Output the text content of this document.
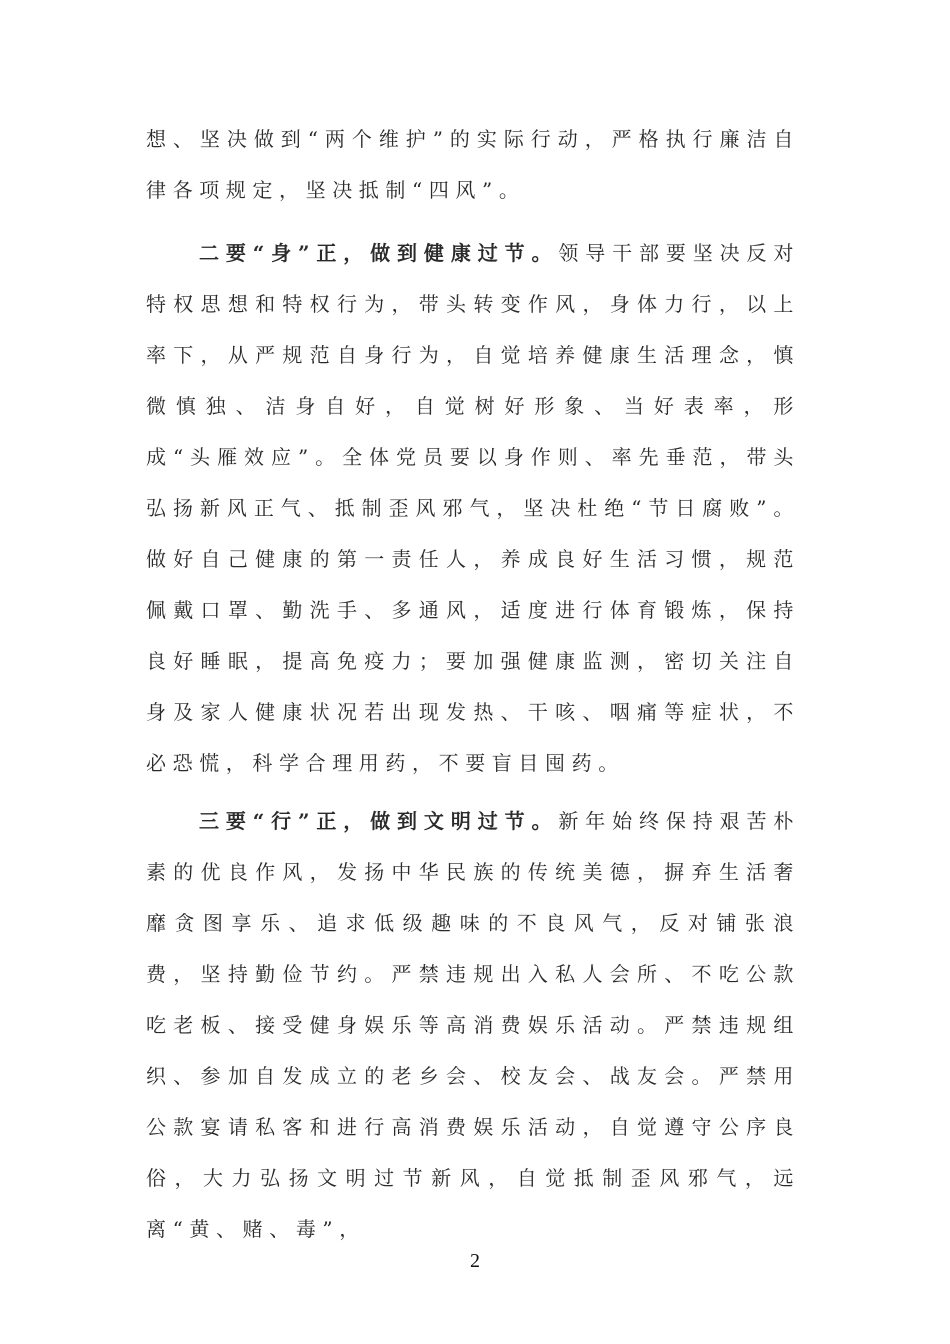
想、坚决做到“两个维护”的实际行动，严格执行廉洁自律各项规定，坚决抵制“四风”。

二要“身”正，做到健康过节。领导干部要坚决反对特权思想和特权行为，带头转变作风，身体力行，以上率下，从严规范自身行为，自觉培养健康生活理念，慎微慎独、洁身自好，自觉树好形象、当好表率，形成“头雁效应”。全体党员要以身作则、率先垂范，带头弘扬新风正气、抵制歪风邪气，坚决杜绝“节日腐败”。做好自己健康的第一责任人，养成良好生活习惯，规范佩戴口罩、勤洗手、多通风，适度进行体育锻炼，保持良好睡眠，提高免疫力；要加强健康监测，密切关注自身及家人健康状况若出现发热、干咳、咽痛等症状，不必恐慌，科学合理用药，不要盲目囤药。

三要“行”正，做到文明过节。新年始终保持艰苦朴素的优良作风，发扬中华民族的传统美德，摒弃生活奢靡贪图享乐、追求低级趣味的不良风气，反对铺张浪费，坚持勤俭节约。严禁违规出入私人会所、不吃公款吃老板、接受健身娱乐等高消费娱乐活动。严禁违规组织、参加自发成立的老乡会、校友会、战友会。严禁用公款宴请私客和进行高消费娱乐活动，自觉遵守公序良俗，大力弘扬文明过节新风，自觉抵制歪风邪气，远离“黄、赌、毒”，

2
